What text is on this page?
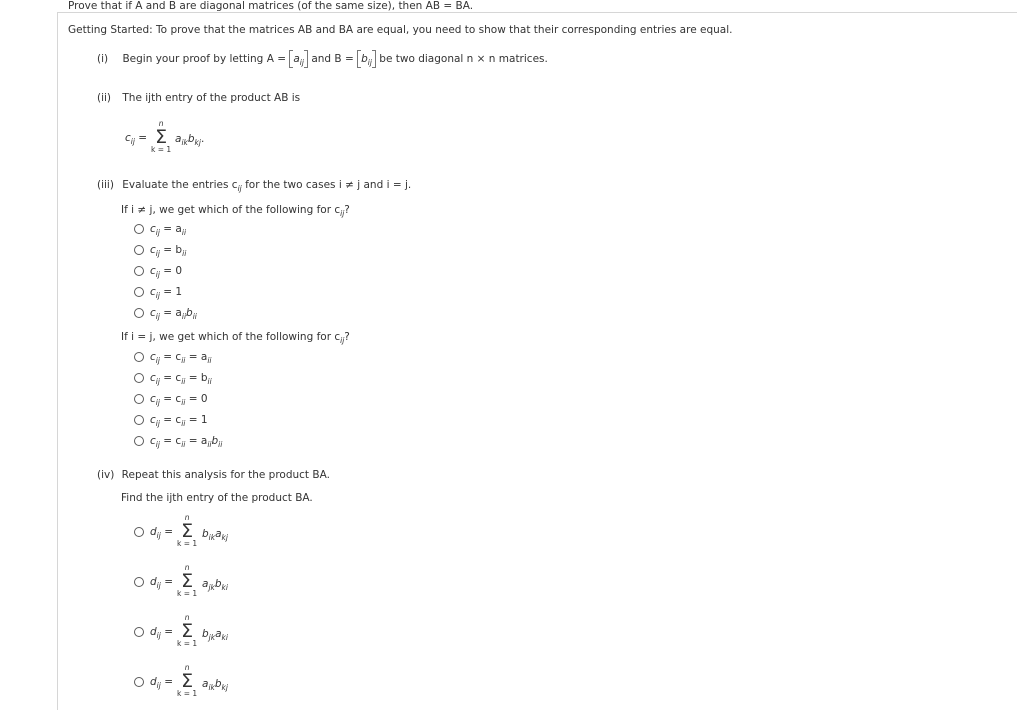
Prove that if A and B are diagonal matrices (of the same size), then AB = BA.
Getting Started: To prove that the matrices AB and BA are equal, you need to show that their corresponding entries are equal.
(i) Begin your proof by letting $A = a_{ij}$ and $B = b_{ij}$ be two diagonal n × n matrices.
(ii) The ijth entry of the product AB is
$c_{ij}$ =
n
Σ
k = 1
$a_{ik}b_{kj}$.
(iii) Evaluate the entries $c_{ij}$ for the two cases i ≠ j and i = j.
If i ≠ j, we get which of the following for $c_{ij}$?
$c_{ij} = a_{ii}$
$c_{ij} = b_{ii}$
$c_{ij} = 0$
$c_{ij} = 1$
$c_{ij} = a_{ii}b_{ii}$
If i = j, we get which of the following for $c_{ij}$?
$c_{ij} = c_{ii} = a_{ii}$
$c_{ij} = c_{ii} = b_{ii}$
$c_{ij} = c_{ii} = 0$
$c_{ij} = c_{ii} = 1$
$c_{ij} = c_{ii} = a_{ii}b_{ii}$
(iv) Repeat this analysis for the product BA.
Find the ijth entry of the product BA.
$d_{ij}$ =
n
Σ
k = 1
$b_{ik}a_{kj}$
$d_{ij}$ =
n
Σ
k = 1
$a_{jk}b_{ki}$
$d_{ij}$ =
n
Σ
k = 1
$b_{jk}a_{ki}$
$d_{ij}$ =
n
Σ
k = 1
$a_{ik}b_{kj}$
